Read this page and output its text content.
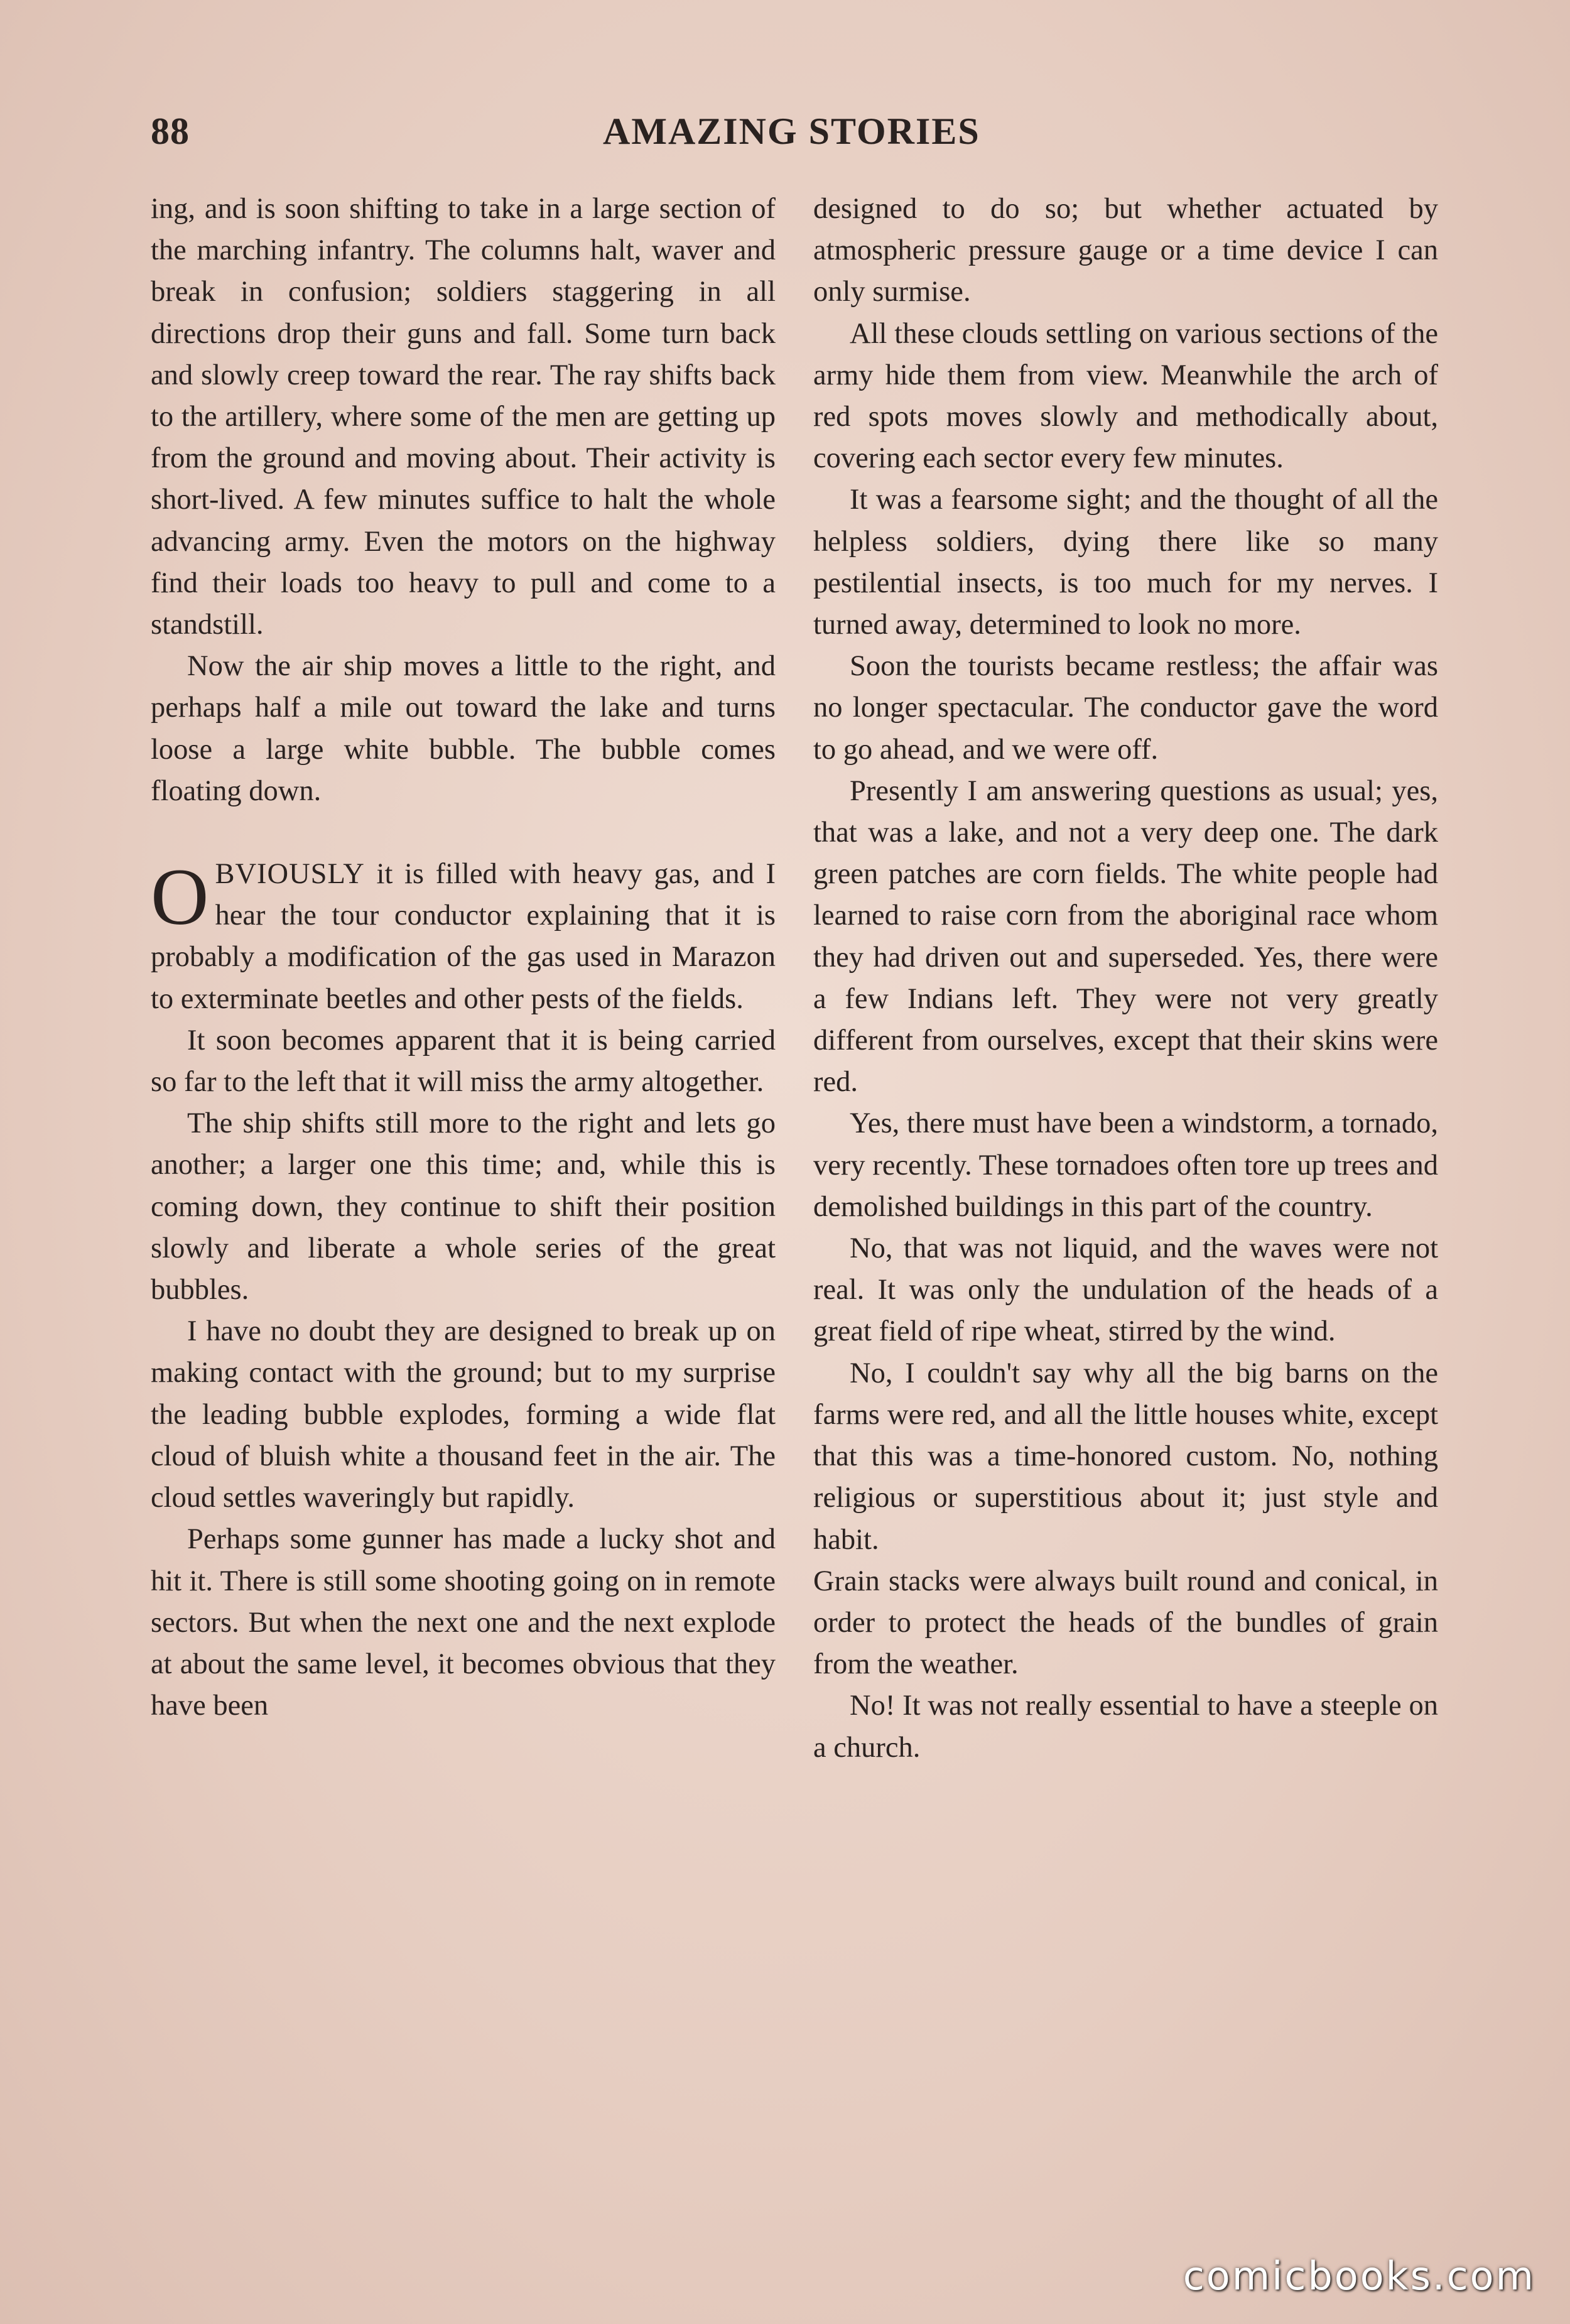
88	AMAZING STORIES

ing, and is soon shifting to take in a large section of the marching infantry. The columns halt, waver and break in confusion; soldiers staggering in all directions drop their guns and fall. Some turn back and slowly creep toward the rear. The ray shifts back to the artillery, where some of the men are getting up from the ground and moving about. Their activity is short-lived. A few minutes suffice to halt the whole advancing army. Even the motors on the highway find their loads too heavy to pull and come to a standstill.

Now the air ship moves a little to the right, and perhaps half a mile out toward the lake and turns loose a large white bubble. The bubble comes floating down.

OBVIOUSLY it is filled with heavy gas, and I hear the tour conductor explaining that it is probably a modification of the gas used in Marazon to exterminate beetles and other pests of the fields.

It soon becomes apparent that it is being carried so far to the left that it will miss the army altogether.

The ship shifts still more to the right and lets go another; a larger one this time; and, while this is coming down, they continue to shift their position slowly and liberate a whole series of the great bubbles.

I have no doubt they are designed to break up on making contact with the ground; but to my surprise the leading bubble explodes, forming a wide flat cloud of bluish white a thousand feet in the air. The cloud settles waveringly but rapidly.

Perhaps some gunner has made a lucky shot and hit it. There is still some shooting going on in remote sectors. But when the next one and the next explode at about the same level, it becomes obvious that they have been

designed to do so; but whether actuated by atmospheric pressure gauge or a time device I can only surmise.

All these clouds settling on various sections of the army hide them from view. Meanwhile the arch of red spots moves slowly and methodically about, covering each sector every few minutes.

It was a fearsome sight; and the thought of all the helpless soldiers, dying there like so many pestilential insects, is too much for my nerves. I turned away, determined to look no more.

Soon the tourists became restless; the affair was no longer spectacular. The conductor gave the word to go ahead, and we were off.

Presently I am answering questions as usual; yes, that was a lake, and not a very deep one. The dark green patches are corn fields. The white people had learned to raise corn from the aboriginal race whom they had driven out and superseded. Yes, there were a few Indians left. They were not very greatly different from ourselves, except that their skins were red.

Yes, there must have been a windstorm, a tornado, very recently. These tornadoes often tore up trees and demolished buildings in this part of the country.

No, that was not liquid, and the waves were not real. It was only the undulation of the heads of a great field of ripe wheat, stirred by the wind.

No, I couldn't say why all the big barns on the farms were red, and all the little houses white, except that this was a time-honored custom. No, nothing religious or superstitious about it; just style and habit.

Grain stacks were always built round and conical, in order to protect the heads of the bundles of grain from the weather.

No! It was not really essential to have a steeple on a church.

comicbooks.com
